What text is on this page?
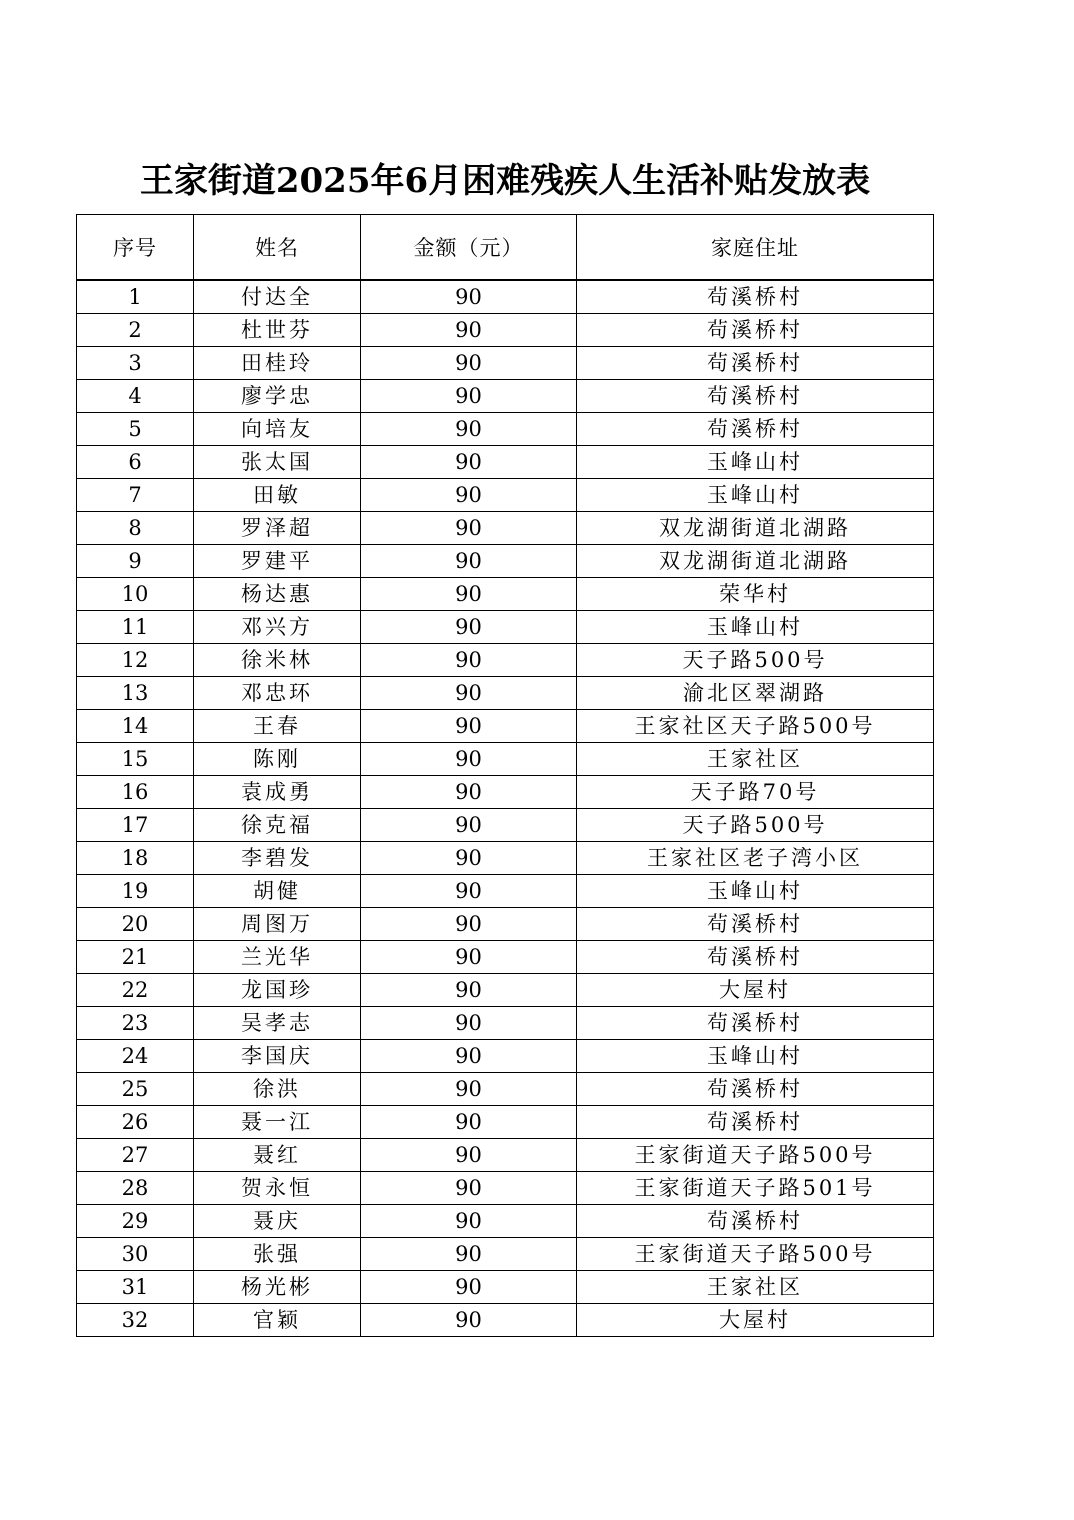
王家街道2025年6月困难残疾人生活补贴发放表
序号	姓名	金额（元）	家庭住址
1	付达全	90	茍溪桥村
2	杜世芬	90	茍溪桥村
3	田桂玲	90	茍溪桥村
4	廖学忠	90	茍溪桥村
5	向培友	90	茍溪桥村
6	张太国	90	玉峰山村
7	田敏	90	玉峰山村
8	罗泽超	90	双龙湖街道北湖路
9	罗建平	90	双龙湖街道北湖路
10	杨达惠	90	荣华村
11	邓兴方	90	玉峰山村
12	徐米林	90	天子路500号
13	邓忠环	90	渝北区翠湖路
14	王春	90	王家社区天子路500号
15	陈刚	90	王家社区
16	袁成勇	90	天子路70号
17	徐克福	90	天子路500号
18	李碧发	90	王家社区老子湾小区
19	胡健	90	玉峰山村
20	周图万	90	茍溪桥村
21	兰光华	90	茍溪桥村
22	龙国珍	90	大屋村
23	吴孝志	90	茍溪桥村
24	李国庆	90	玉峰山村
25	徐洪	90	茍溪桥村
26	聂一江	90	茍溪桥村
27	聂红	90	王家街道天子路500号
28	贺永恒	90	王家街道天子路501号
29	聂庆	90	茍溪桥村
30	张强	90	王家街道天子路500号
31	杨光彬	90	王家社区
32	官颖	90	大屋村
